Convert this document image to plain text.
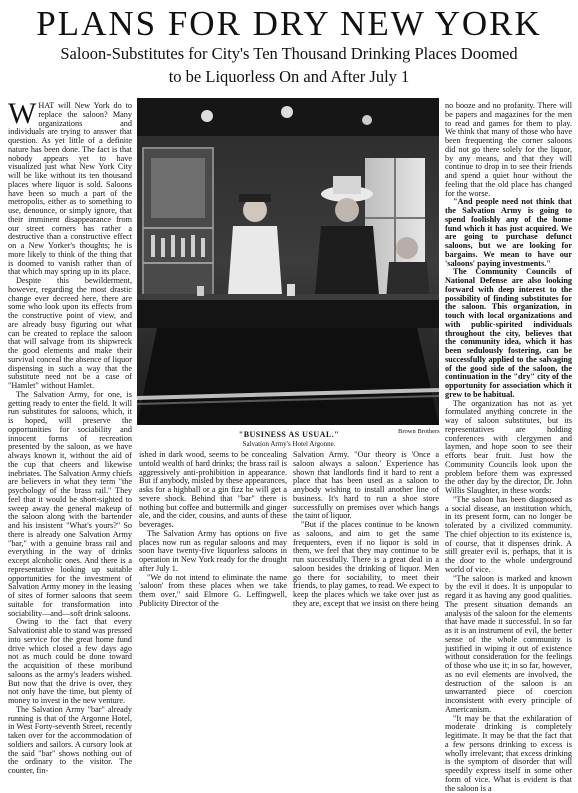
PLANS FOR DRY NEW YORK
Saloon-Substitutes for City's Ten Thousand Drinking Places Doomed
to be Liquorless On and After July 1
W HAT will New York do to replace the saloon? Many organizations and individuals are trying to answer that question. As yet little of a definite nature has been done. The fact is that nobody appears yet to have visualized just what New York City will be like without its ten thousand places where liquor is sold. Saloons have been so much a part of the metropolis, either as to something to use, denounce, or simply ignore, that their imminent disappearance from our street corners has rather a destructive than a constructive effect on a New Yorker's thoughts; he is more likely to think of the thing that is doomed to vanish rather than of that which may spring up in its place.

Despite this bewilderment, however, regarding the most drastic change ever decreed here, there are some who look upon its effects from the constructive point of view, and are already busy figuring out what can be created to replace the saloon that will salvage from its shipwreck the good elements and make their survival conceal the absence of liquor dispensing in such a way that the substitute need not be a case of "Hamlet" without Hamlet.

The Salvation Army, for one, is getting ready to enter the field. It will run substitutes for saloons, which, it is hoped, will preserve the opportunities for sociability and innocent forms of recreation presented by the saloon, as we have always known it, without the aid of the cup that cheers and likewise inebriates. The Salvation Army chiefs are believers in what they term "the psychology of the brass rail." They feel that it would be short-sighted to sweep away the general makeup of the saloon along with the bartender and his insistent "What's yours?" So there is already one Salvation Army "bar," with a genuine brass rail and everything in the way of drinks except alcoholic ones. And there is a representative looking up suitable opportunities for the investment of Salvation Army money in the leasing of sites of former saloons that seem suitable for transformation into sociability—and—soft drink saloons.

Owing to the fact that every Salvationist able to stand was pressed into service for the great home fund drive which closed a few days ago not as much could be done toward the acquisition of these moribund saloons as the army's leaders wished. But now that the drive is over, they not only have the time, but plenty of money to invest in the new venture.

The Salvation Army "bar" already running is that of the Argonne Hotel, in West Forty-seventh Street, recently taken over for the accommodation of soldiers and sailors. A cursory look at the said "bar" shows nothing out of the ordinary to the visitor. The counter, fin-

Brown Brothers
"BUSINESS AS USUAL."
Salvation Army's Hotel Argonne.

ished in dark wood, seems to be concealing untold wealth of hard drinks; the brass rail is aggressively anti-prohibition in appearance. But if anybody, misled by these appearances, asks for a highball or a gin fizz he will get a severe shock. Behind that "bar" there is nothing but coffee and buttermilk and ginger ale, and the cider, cousins, and aunts of these beverages.

The Salvation Army has options on five places now run as regular saloons and may soon have twenty-five liquorless saloons in operation in New York ready for the drought after July 1.

"We do not intend to eliminate the name 'saloon' from these places when we take them over," said Elmore G. Leffingwell, Publicity Director of the

Salvation Army. "Our theory is 'Once a saloon always a saloon.' Experience has shown that landlords find it hard to rent a place that has been used as a saloon to anybody wishing to install another line of business. It's hard to run a shoe store successfully on premises over which hangs the taint of liquor.

"But if the places continue to be known as saloons, and aim to get the same frequenters, even if no liquor is sold in them, we feel that they may continue to be run successfully. There is a great deal in a saloon besides the drinking of liquor. Men go there for sociability, to meet their friends, to play games, to read. We expect to keep the places which we take over just as they are, except that we insist on there being

no booze and no profanity. There will be papers and magazines for the men to read and games for them to play. We think that many of those who have been frequenting the corner saloons did not go there solely for the liquor, by any means, and that they will continue to drop in to see their friends and spend a quiet hour without the feeling that the old place has changed for the worse.

"And people need not think that the Salvation Army is going to spend foolishly any of the home fund which it has just acquired. We are going to purchase defunct saloons, but we are looking for bargains. We mean to have our 'saloons' paying investments."

The Community Councils of National Defense are also looking forward with deep interest to the possibility of finding substitutes for the saloon. This organization, in touch with local organizations and with public-spirited individuals throughout the city, believes that the community idea, which it has been sedulously fostering, can be successfully applied to the salvaging of the good side of the saloon, the continuation in the "dry" city of the opportunity for association which it grew to be habitual.

The organization has not as yet formulated anything concrete in the way of saloon substitutes, but its representatives are holding conferences with clergymen and laymen, and hope soon to see their efforts bear fruit. Just how the Community Councils look upon the problem before them was expressed the other day by the director, Dr. John Willis Slaughter, in these words:

"The saloon has been diagnosed as a social disease, an institution which, in its present form, can no longer be tolerated by a civilized community. The chief objection to its existence is, of course, that it dispenses drink. A still greater evil is, perhaps, that it is the door to the whole underground world of vice.

"The saloon is marked and known by the evil it does. It is unpopular to regard it as having any good qualities. The present situation demands an analysis of the saloon for the elements that have made it successful. In so far as it is an instrument of evil, the better sense of the whole community is justified in wiping it out of existence without consideration for the feelings of those who use it; in so far, however, as no evil elements are involved, the destruction of the saloon is an unwarranted piece of coercion inconsistent with every principle of Americanism.

"It may be that the exhilaration of moderate drinking is completely legitimate. It may be that the fact that a few persons drinking to excess is wholly irrelevant; that excess drinking is the symptom of disorder that will speedily express itself in some other form of vice. What is evident is that the saloon is a
